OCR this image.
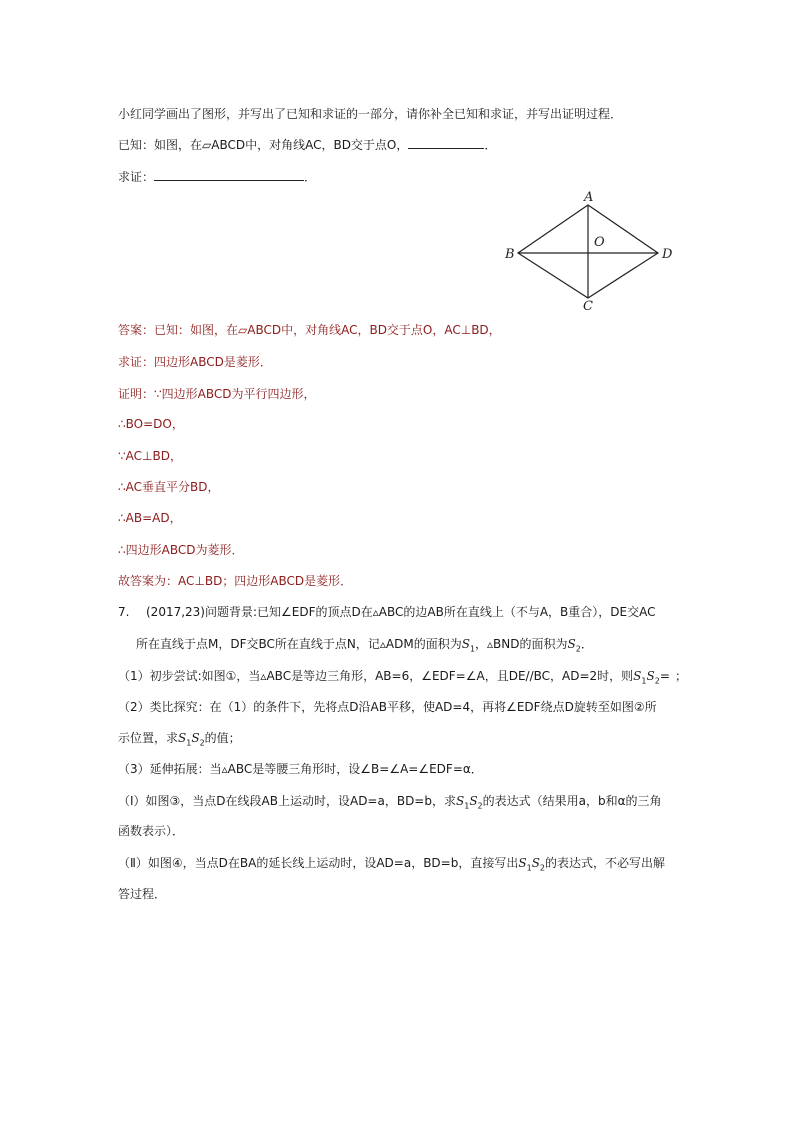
小红同学画出了图形，并写出了已知和求证的一部分，请你补全已知和求证，并写出证明过程．
已知：如图，在▱ABCD中，对角线AC，BD交于点O，	．
求证：	．
A
B
C
D
O
答案：已知：如图，在▱ABCD中，对角线AC，BD交于点O，AC⊥BD，
求证：四边形ABCD是菱形．
证明：∵四边形ABCD为平行四边形，
∴BO=DO，
∵AC⊥BD，
∴AC垂直平分BD，
∴AB=AD，
∴四边形ABCD为菱形．
故答案为：AC⊥BD；四边形ABCD是菱形．
7. (2017,23)问题背景:已知∠EDF的顶点D在▵ABC的边AB所在直线上（不与A，B重合），DE交AC
所在直线于点M，DF交BC所在直线于点N，记▵ADM的面积为$S_1$，▵BND的面积为$S_2$．
（1）初步尝试:如图①，当▵ABC是等边三角形，AB=6，∠EDF=∠A，且DE//BC，AD=2时，则$S_1S_2=$ ；
（2）类比探究：在（1）的条件下，先将点D沿AB平移，使AD=4，再将∠EDF绕点D旋转至如图②所
示位置，求$S_1S_2$的值；
（3）延伸拓展：当▵ABC是等腰三角形时，设∠B=∠A=∠EDF=α．
（Ⅰ）如图③，当点D在线段AB上运动时，设AD=a，BD=b，求$S_1S_2$的表达式（结果用a，b和α的三角
函数表示）．
（Ⅱ）如图④，当点D在BA的延长线上运动时，设AD=a，BD=b，直接写出$S_1S_2$的表达式，不必写出解
答过程．
